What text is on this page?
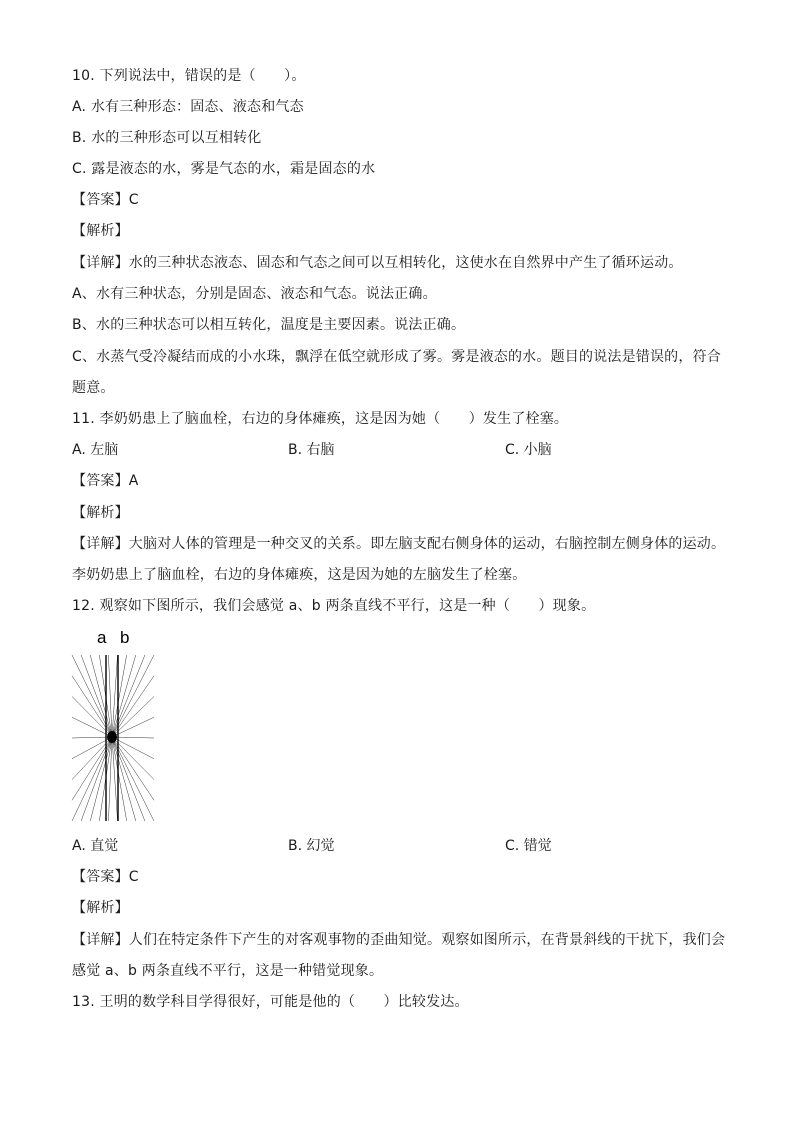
10. 下列说法中，错误的是（　　）。
A. 水有三种形态：固态、液态和气态
B. 水的三种形态可以互相转化
C. 露是液态的水，雾是气态的水，霜是固态的水
【答案】C
【解析】
【详解】水的三种状态液态、固态和气态之间可以互相转化，这使水在自然界中产生了循环运动。
A、水有三种状态，分别是固态、液态和气态。说法正确。
B、水的三种状态可以相互转化，温度是主要因素。说法正确。
C、水蒸气受冷凝结而成的小水珠，飘浮在低空就形成了雾。雾是液态的水。题目的说法是错误的，符合
题意。
11. 李奶奶患上了脑血栓，右边的身体瘫痪，这是因为她（　　）发生了栓塞。
A. 左脑	B. 右脑	C. 小脑
【答案】A
【解析】
【详解】大脑对人体的管理是一种交叉的关系。即左脑支配右侧身体的运动，右脑控制左侧身体的运动。
李奶奶患上了脑血栓，右边的身体瘫痪，这是因为她的左脑发生了栓塞。
12. 观察如下图所示，我们会感觉 a、b 两条直线不平行，这是一种（　　）现象。
a b
A. 直觉	B. 幻觉	C. 错觉
【答案】C
【解析】
【详解】人们在特定条件下产生的对客观事物的歪曲知觉。观察如图所示，在背景斜线的干扰下，我们会
感觉 a、b 两条直线不平行，这是一种错觉现象。
13. 王明的数学科目学得很好，可能是他的（　　）比较发达。
